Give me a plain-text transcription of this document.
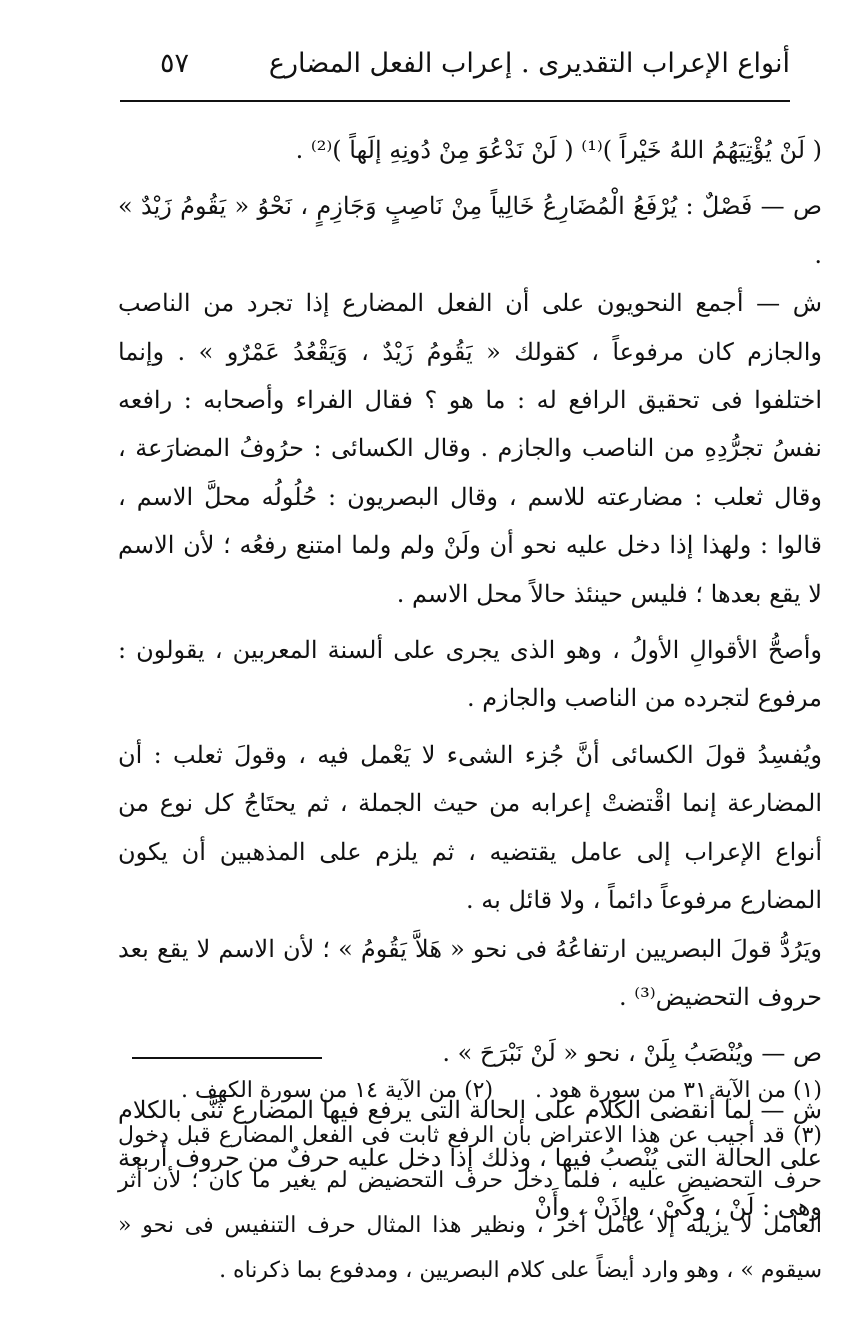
أنواع الإعراب التقديرى . إعراب الفعل المضارع
٥٧

( لَنْ يُؤْتِيَهُمُ اللهُ خَيْراً )⁽¹⁾ ( لَنْ نَدْعُوَ مِنْ دُونِهِ إلَهاً )⁽²⁾ .

ص — فَصْلٌ : يُرْفَعُ الْمُضَارِعُ خَالِياً مِنْ نَاصِبٍ وَجَازِمٍ ، نَحْوُ « يَقُومُ زَيْدٌ » .

ش — أجمع النحويون على أن الفعل المضارع إذا تجرد من الناصب والجازم كان مرفوعاً ، كقولك « يَقُومُ زَيْدٌ ، وَيَقْعُدُ عَمْرٌو » . وإنما اختلفوا فى تحقيق الرافع له : ما هو ؟ فقال الفراء وأصحابه : رافعه نفسُ تجرُّدِهِ من الناصب والجازم . وقال الكسائى : حرُوفُ المضارَعة ، وقال ثعلب : مضارعته للاسم ، وقال البصريون : حُلُولُه محلَّ الاسم ، قالوا : ولهذا إذا دخل عليه نحو أن ولَنْ ولم ولما امتنع رفعُه ؛ لأن الاسم لا يقع بعدها ؛ فليس حينئذ حالاً محل الاسم .

وأصحُّ الأقوالِ الأولُ ، وهو الذى يجرى على ألسنة المعربين ، يقولون : مرفوع لتجرده من الناصب والجازم .

ويُفسِدُ قولَ الكسائى أنَّ جُزء الشىء لا يَعْمل فيه ، وقولَ ثعلب : أن المضارعة إنما اقْتضتْ إعرابه من حيث الجملة ، ثم يحتَاجُ كل نوع من أنواع الإعراب إلى عامل يقتضيه ، ثم يلزم على المذهبين أن يكون المضارع مرفوعاً دائماً ، ولا قائل به .

ويَرُدُّ قولَ البصريين ارتفاعُهُ فى نحو « هَلاَّ يَقُومُ » ؛ لأن الاسم لا يقع بعد حروف التحضيض⁽³⁾ .

ص — ويُنْصَبُ بِلَنْ ، نحو « لَنْ نَبْرَحَ » .

ش — لما أنقضى الكلام على الحالة التى يرفع فيها المضارع ثَنَّى بالكلام على الحالة التى يُنْصبُ فيها ، وذلك إذا دخل عليه حرفٌ من حروف أربعة وهى : لَنْ ، وكَىْ ، وإذَنْ ، وأَنْ

(١) من الآية ٣١ من سورة هود .      (٢) من الآية ١٤ من سورة الكهف .

(٣) قد أجيب عن هذا الاعتراض بأن الرفع ثابت فى الفعل المضارع قبل دخول حرف التحضيض عليه ، فلما دخل حرف التحضيض لم يغير ما كان ؛ لأن أثر العامل لا يزيله إلا عامل آخر ، ونظير هذا المثال حرف التنفيس فى نحو « سيقوم » ، وهو وارد أيضاً على كلام البصريين ، ومدفوع بما ذكرناه .
